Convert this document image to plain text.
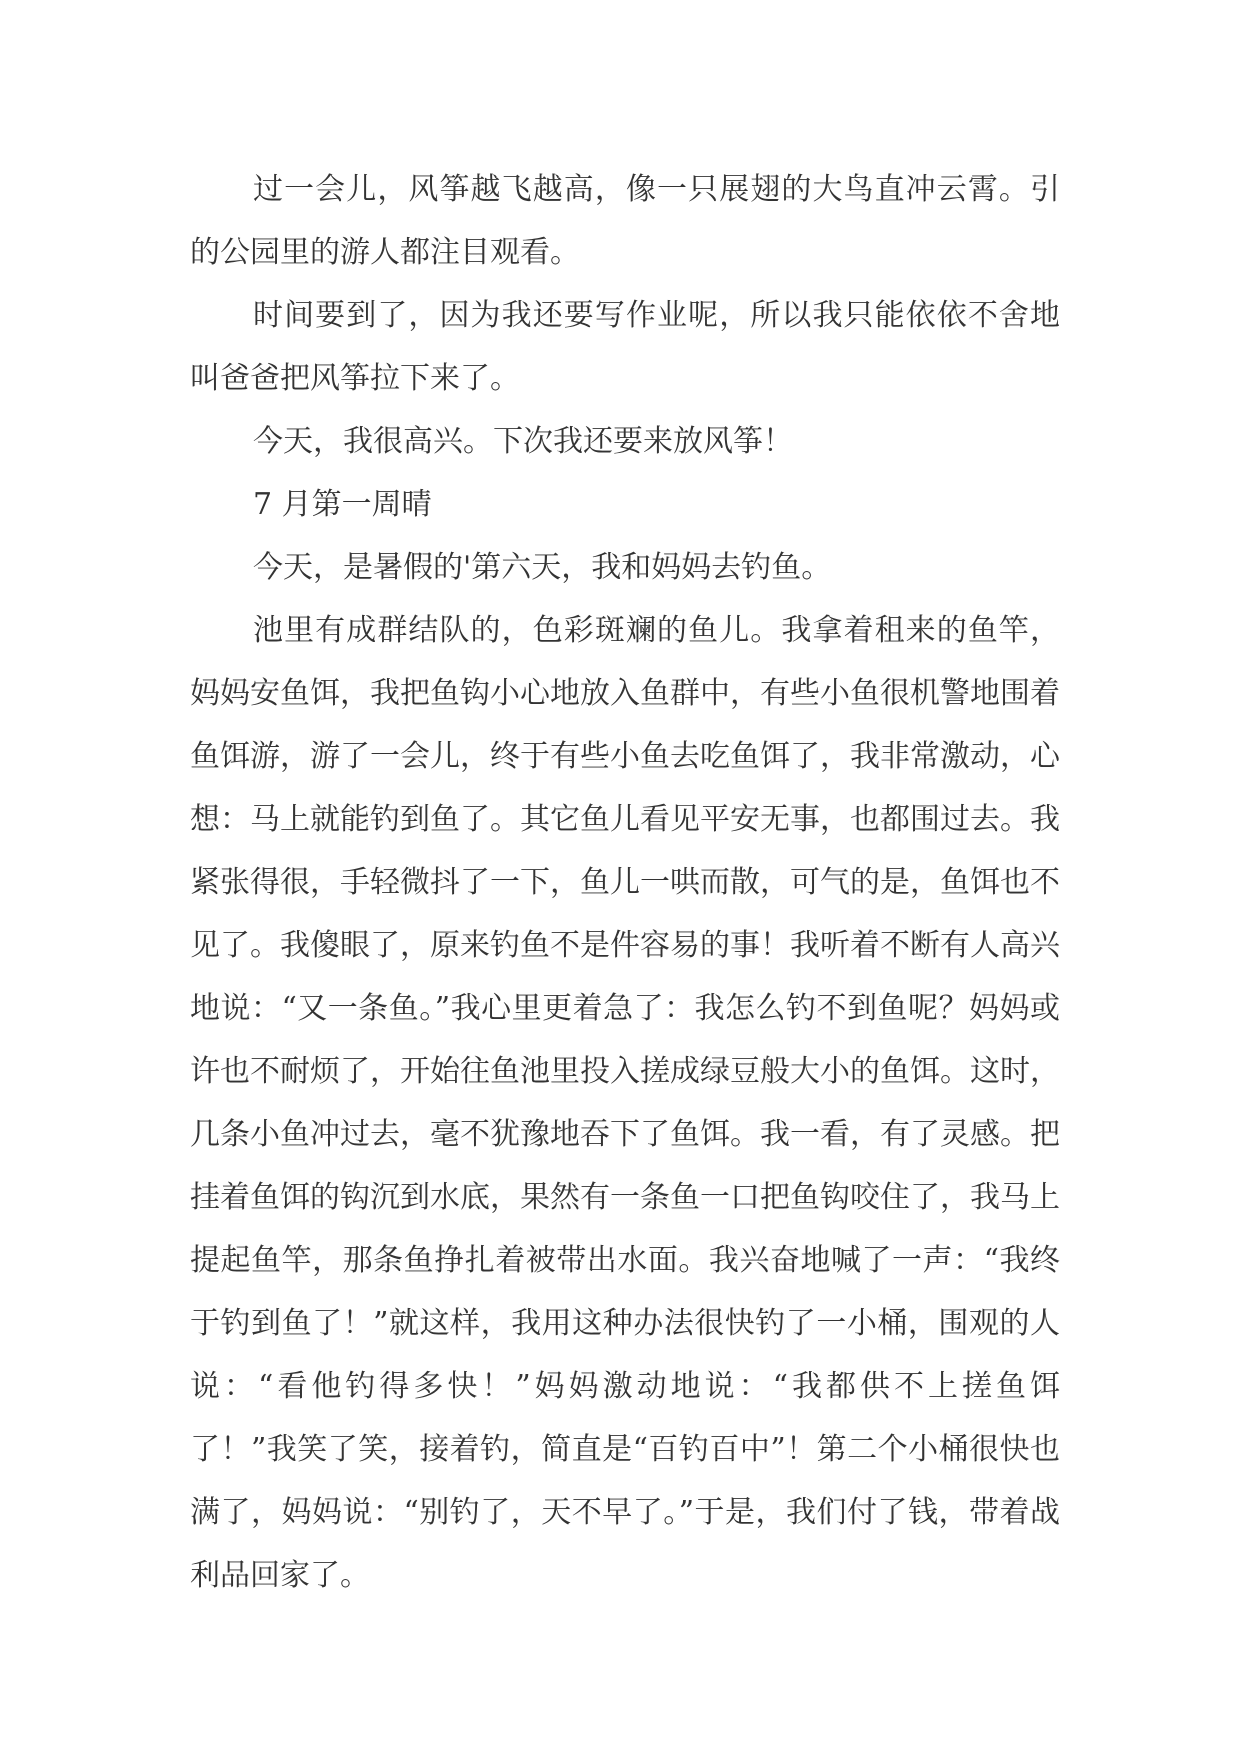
过一会儿，风筝越飞越高，像一只展翅的大鸟直冲云霄。引的公园里的游人都注目观看。

时间要到了，因为我还要写作业呢，所以我只能依依不舍地叫爸爸把风筝拉下来了。

今天，我很高兴。下次我还要来放风筝！

7 月第一周晴

今天，是暑假的'第六天，我和妈妈去钓鱼。

池里有成群结队的，色彩斑斓的鱼儿。我拿着租来的鱼竿，妈妈安鱼饵，我把鱼钩小心地放入鱼群中，有些小鱼很机警地围着鱼饵游，游了一会儿，终于有些小鱼去吃鱼饵了，我非常激动，心想：马上就能钓到鱼了。其它鱼儿看见平安无事，也都围过去。我紧张得很，手轻微抖了一下，鱼儿一哄而散，可气的是，鱼饵也不见了。我傻眼了，原来钓鱼不是件容易的事！我听着不断有人高兴地说：“又一条鱼。”我心里更着急了：我怎么钓不到鱼呢？妈妈或许也不耐烦了，开始往鱼池里投入搓成绿豆般大小的鱼饵。这时，几条小鱼冲过去，毫不犹豫地吞下了鱼饵。我一看，有了灵感。把挂着鱼饵的钩沉到水底，果然有一条鱼一口把鱼钩咬住了，我马上提起鱼竿，那条鱼挣扎着被带出水面。我兴奋地喊了一声：“我终于钓到鱼了！”就这样，我用这种办法很快钓了一小桶，围观的人说：“看他钓得多快！”妈妈激动地说：“我都供不上搓鱼饵了！”我笑了笑，接着钓，简直是“百钓百中”！第二个小桶很快也满了，妈妈说：“别钓了，天不早了。”于是，我们付了钱，带着战利品回家了。
